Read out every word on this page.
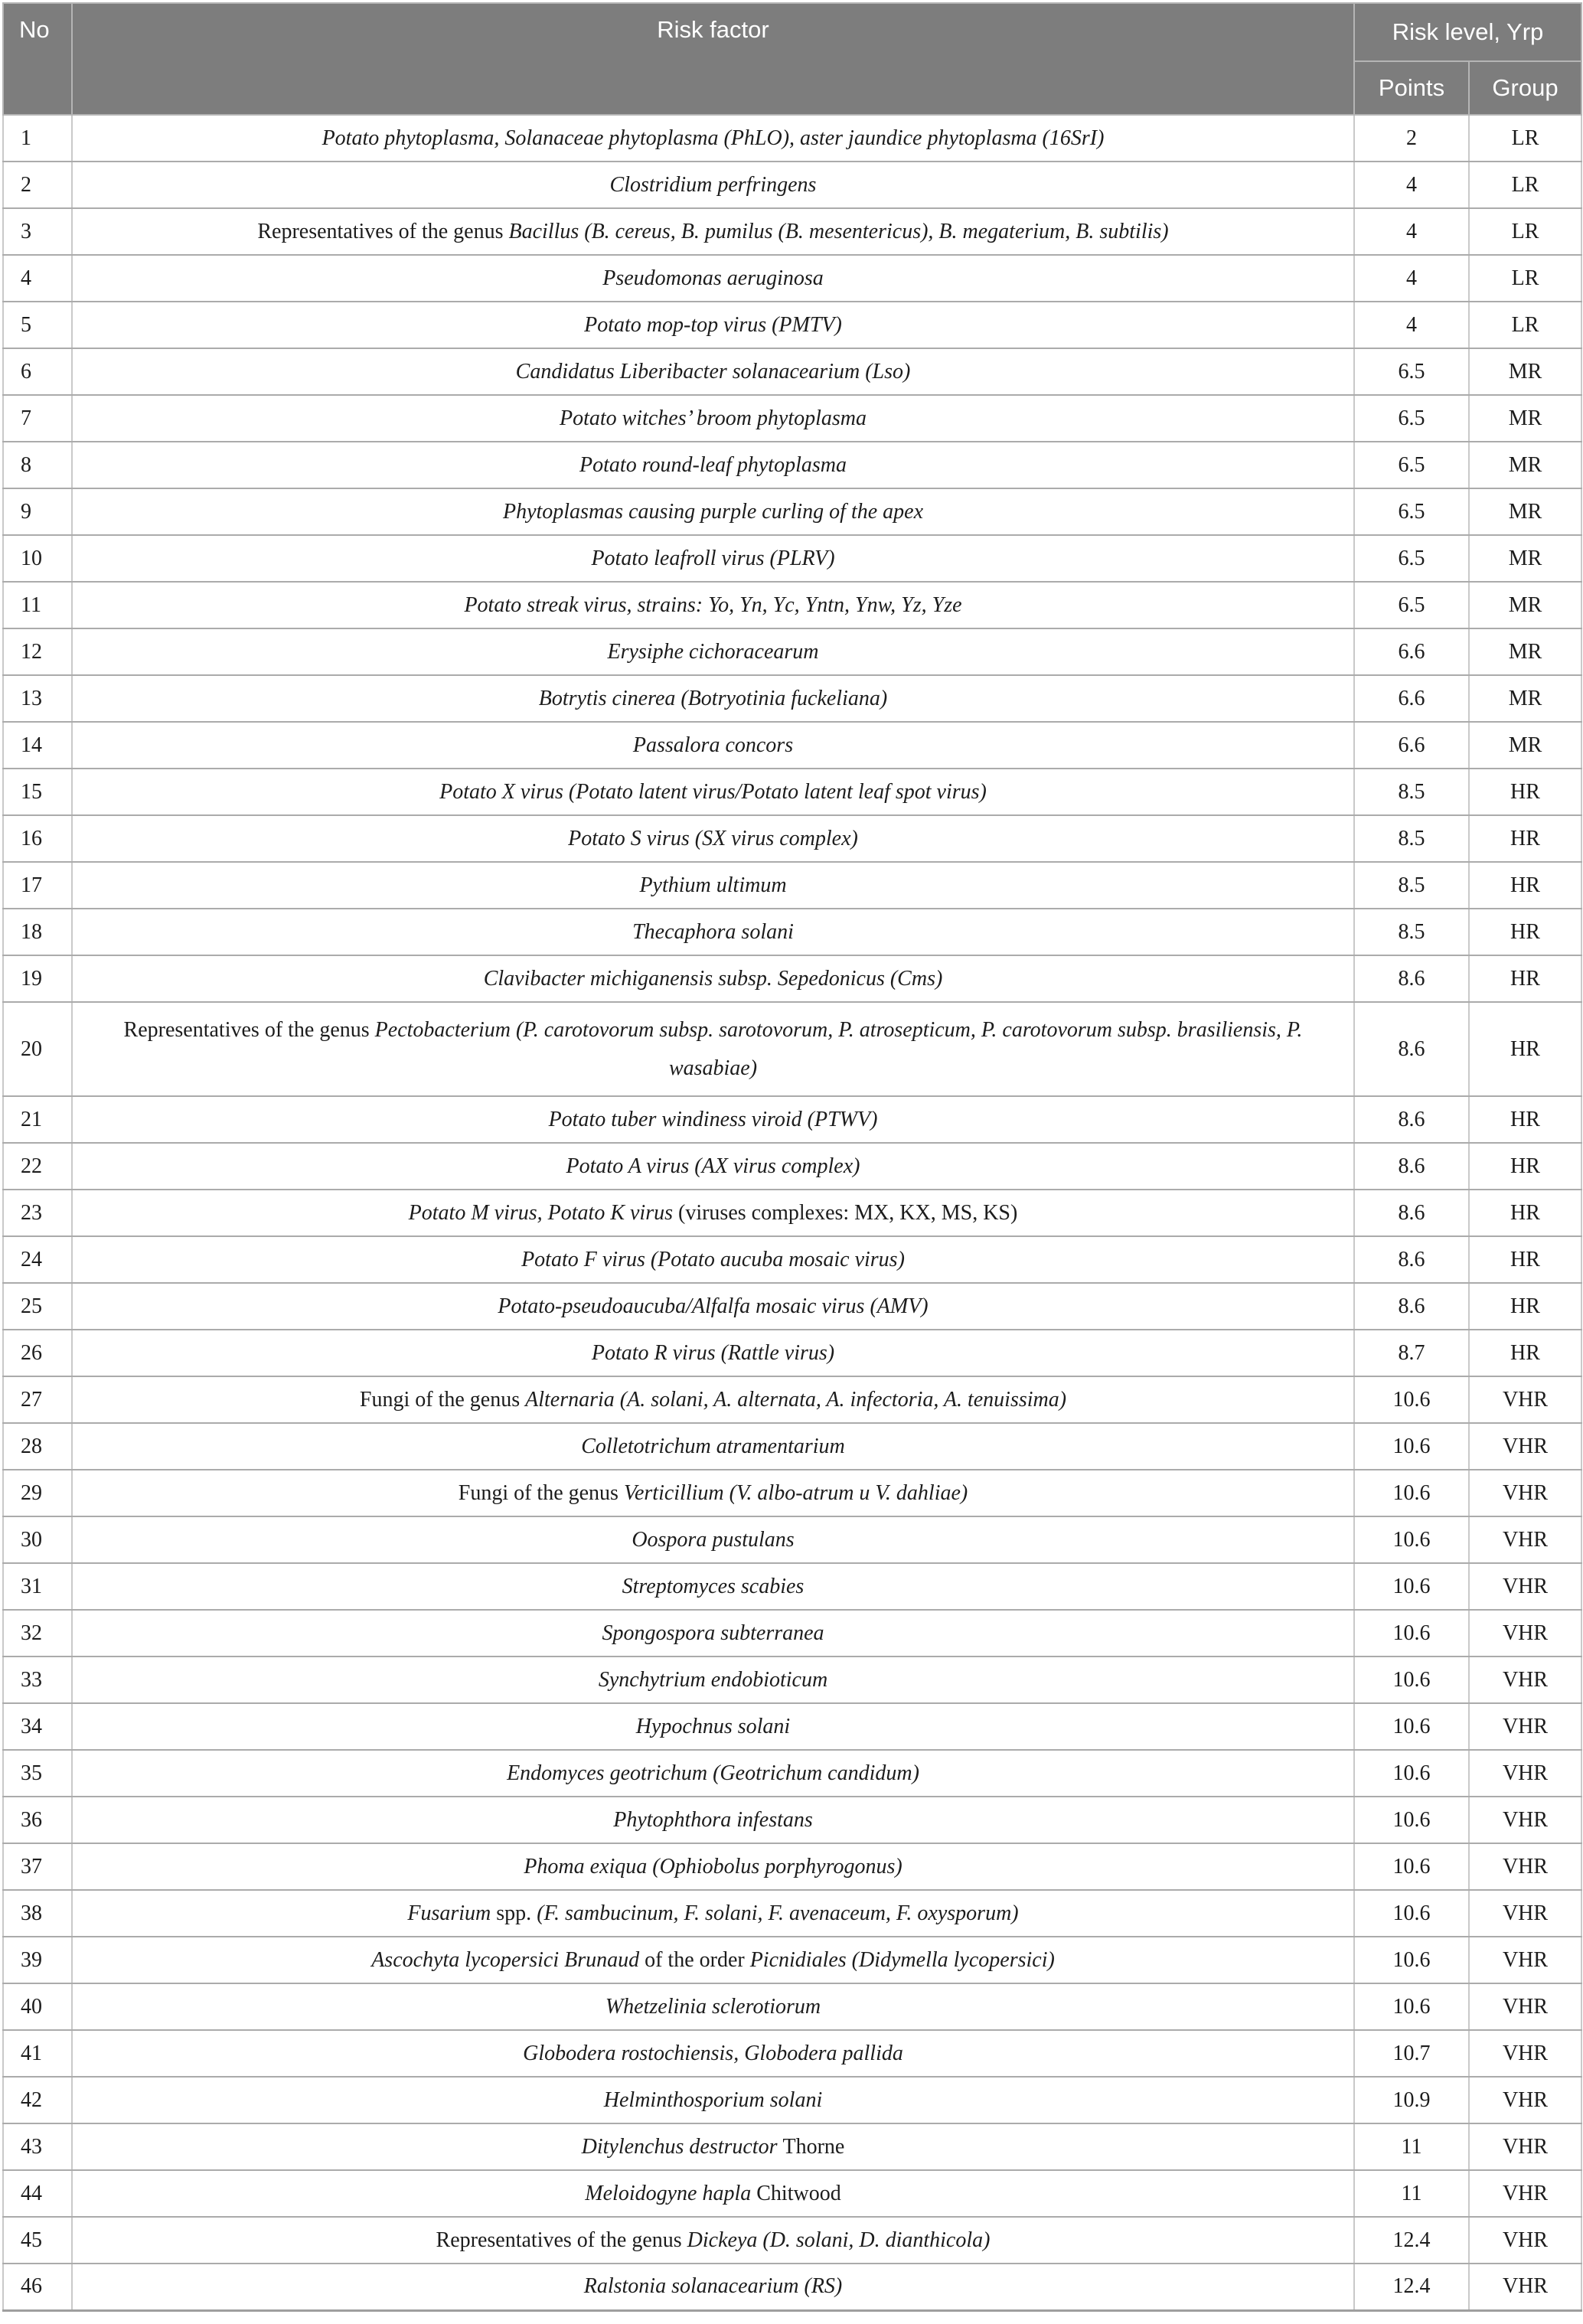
No	Risk factor	Risk level, Yrp	
		Points	Group
1	Potato phytoplasma, Solanaceae phytoplasma (PhLO), aster jaundice phytoplasma (16SrI)	2	LR
2	Clostridium perfringens	4	LR
3	Representatives of the genus Bacillus (B. cereus, B. pumilus (B. mesentericus), B. megaterium, B. subtilis)	4	LR
4	Pseudomonas aeruginosa	4	LR
5	Potato mop-top virus (PMTV)	4	LR
6	Candidatus Liberibacter solanacearium (Lso)	6.5	MR
7	Potato witches’ broom phytoplasma	6.5	MR
8	Potato round-leaf phytoplasma	6.5	MR
9	Phytoplasmas causing purple curling of the apex	6.5	MR
10	Potato leafroll virus (PLRV)	6.5	MR
11	Potato streak virus, strains: Yo, Yn, Yc, Yntn, Ynw, Yz, Yze	6.5	MR
12	Erysiphe cichoracearum	6.6	MR
13	Botrytis cinerea (Botryotinia fuckeliana)	6.6	MR
14	Passalora concors	6.6	MR
15	Potato X virus (Potato latent virus/Potato latent leaf spot virus)	8.5	HR
16	Potato S virus (SX virus complex)	8.5	HR
17	Pythium ultimum	8.5	HR
18	Thecaphora solani	8.5	HR
19	Clavibacter michiganensis subsp. Sepedonicus (Cms)	8.6	HR
20	Representatives of the genus Pectobacterium (P. carotovorum subsp. sarotovorum, P. atrosepticum, P. carotovorum subsp. brasiliensis, P. wasabiae)	8.6	HR
21	Potato tuber windiness viroid (PTWV)	8.6	HR
22	Potato A virus (AX virus complex)	8.6	HR
23	Potato M virus, Potato K virus (viruses complexes: MX, KX, MS, KS)	8.6	HR
24	Potato F virus (Potato aucuba mosaic virus)	8.6	HR
25	Potato-pseudoaucuba/Alfalfa mosaic virus (AMV)	8.6	HR
26	Potato R virus (Rattle virus)	8.7	HR
27	Fungi of the genus Alternaria (A. solani, A. alternata, A. infectoria, A. tenuissima)	10.6	VHR
28	Colletotrichum atramentarium	10.6	VHR
29	Fungi of the genus Verticillium (V. albo-atrum u V. dahliae)	10.6	VHR
30	Oospora pustulans	10.6	VHR
31	Streptomyces scabies	10.6	VHR
32	Spongospora subterranea	10.6	VHR
33	Synchytrium endobioticum	10.6	VHR
34	Hypochnus solani	10.6	VHR
35	Endomyces geotrichum (Geotrichum candidum)	10.6	VHR
36	Phytophthora infestans	10.6	VHR
37	Phoma exiqua (Ophiobolus porphyrogonus)	10.6	VHR
38	Fusarium spp. (F. sambucinum, F. solani, F. avenaceum, F. oxysporum)	10.6	VHR
39	Ascochyta lycopersici Brunaud of the order Picnidiales (Didymella lycopersici)	10.6	VHR
40	Whetzelinia sclerotiorum	10.6	VHR
41	Globodera rostochiensis, Globodera pallida	10.7	VHR
42	Helminthosporium solani	10.9	VHR
43	Ditylenchus destructor Thorne	11	VHR
44	Meloidogyne hapla Chitwood	11	VHR
45	Representatives of the genus Dickeya (D. solani, D. dianthicola)	12.4	VHR
46	Ralstonia solanacearium (RS)	12.4	VHR
